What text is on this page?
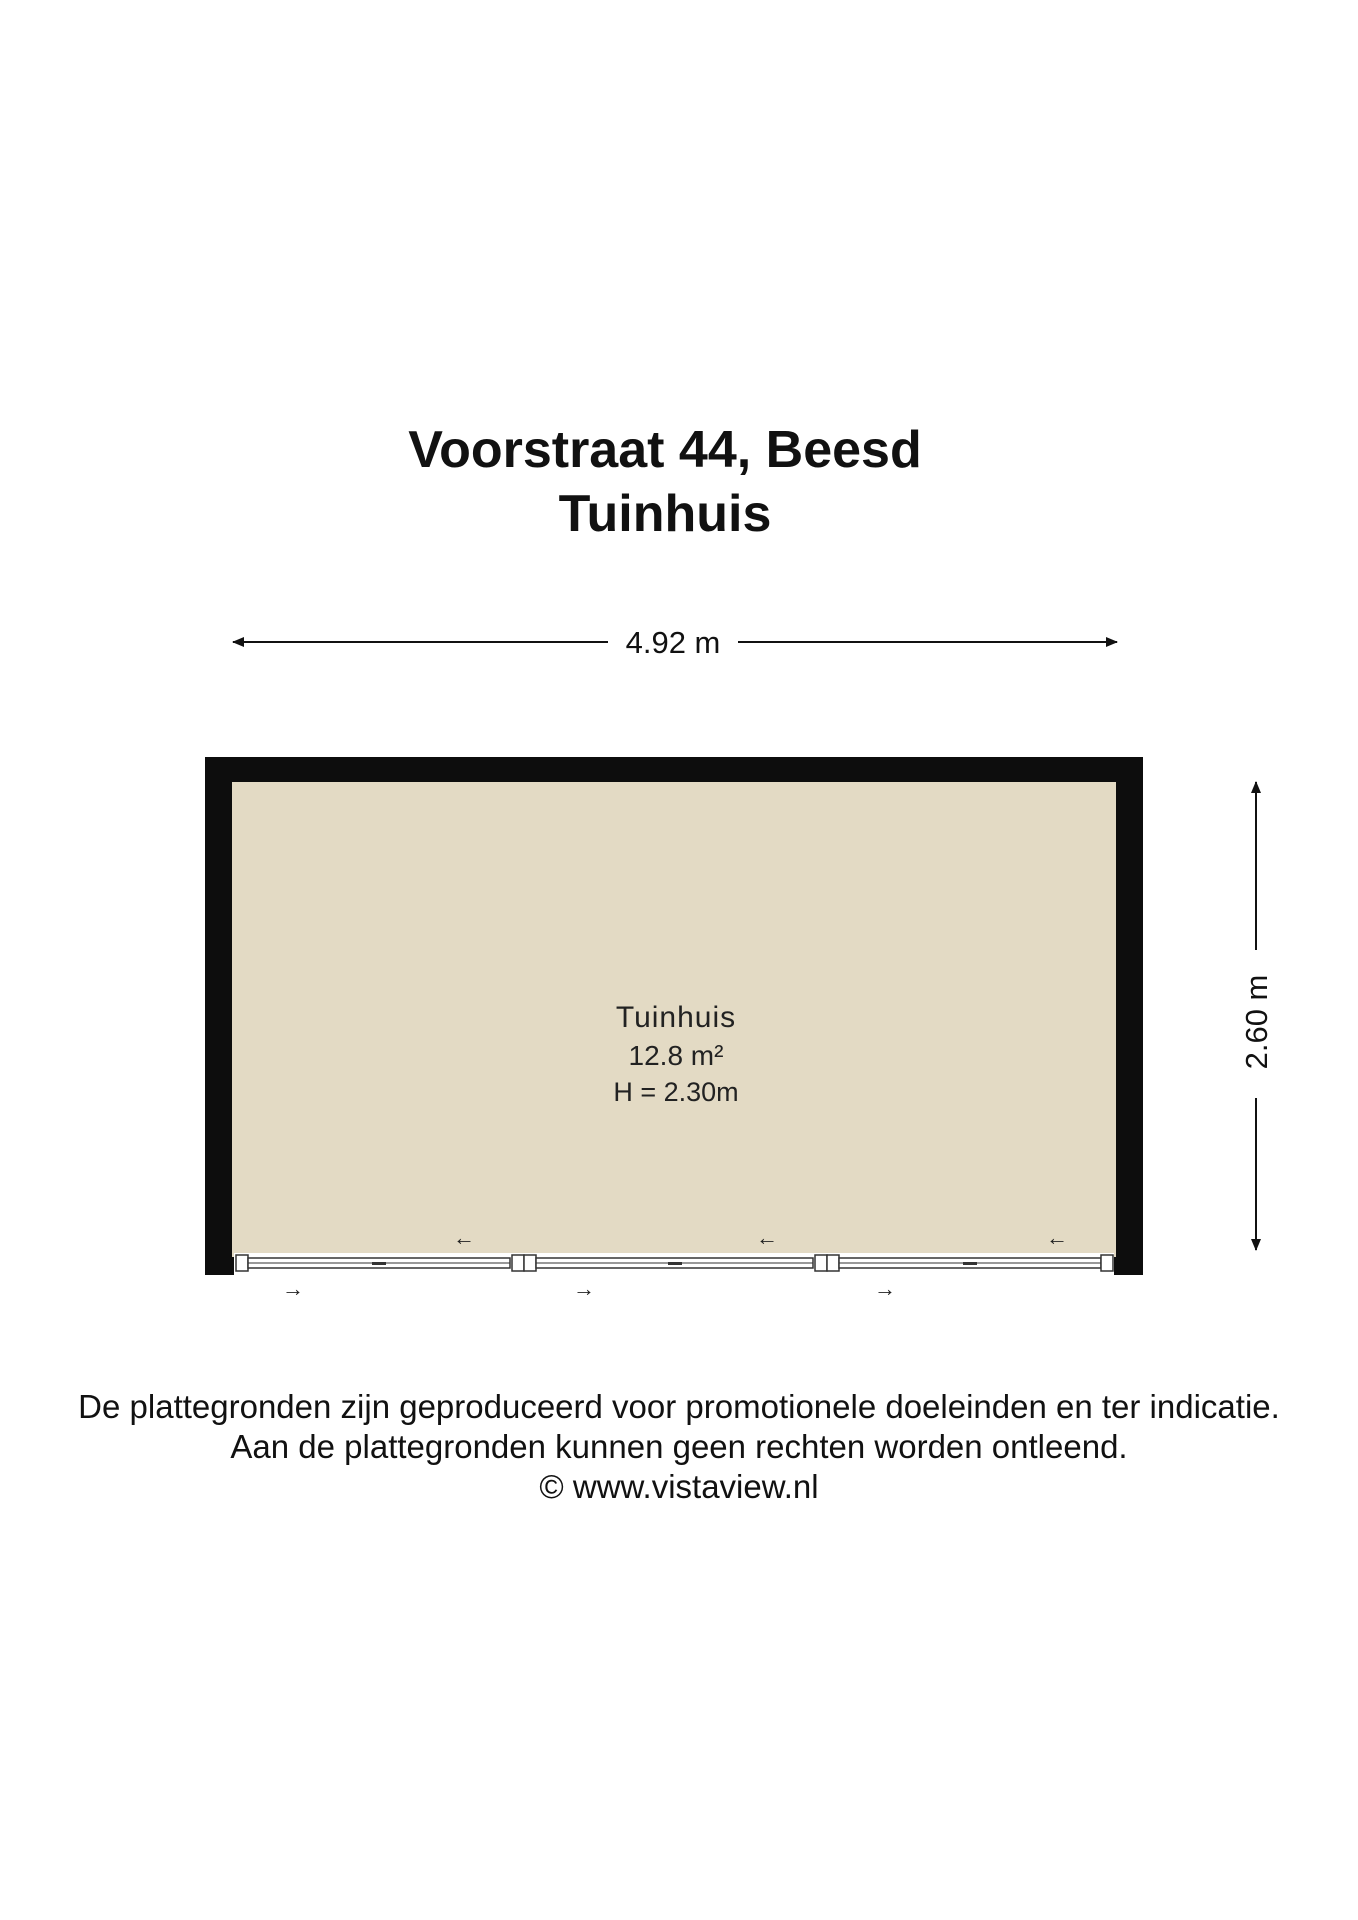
Voorstraat 44, Beesd
Tuinhuis
4.92 m
2.60 m
←	←	←
→	→	→
Tuinhuis
12.8 m²
H = 2.30m
De plattegronden zijn geproduceerd voor promotionele doeleinden en ter indicatie.
Aan de plattegronden kunnen geen rechten worden ontleend.
© www.vistaview.nl
